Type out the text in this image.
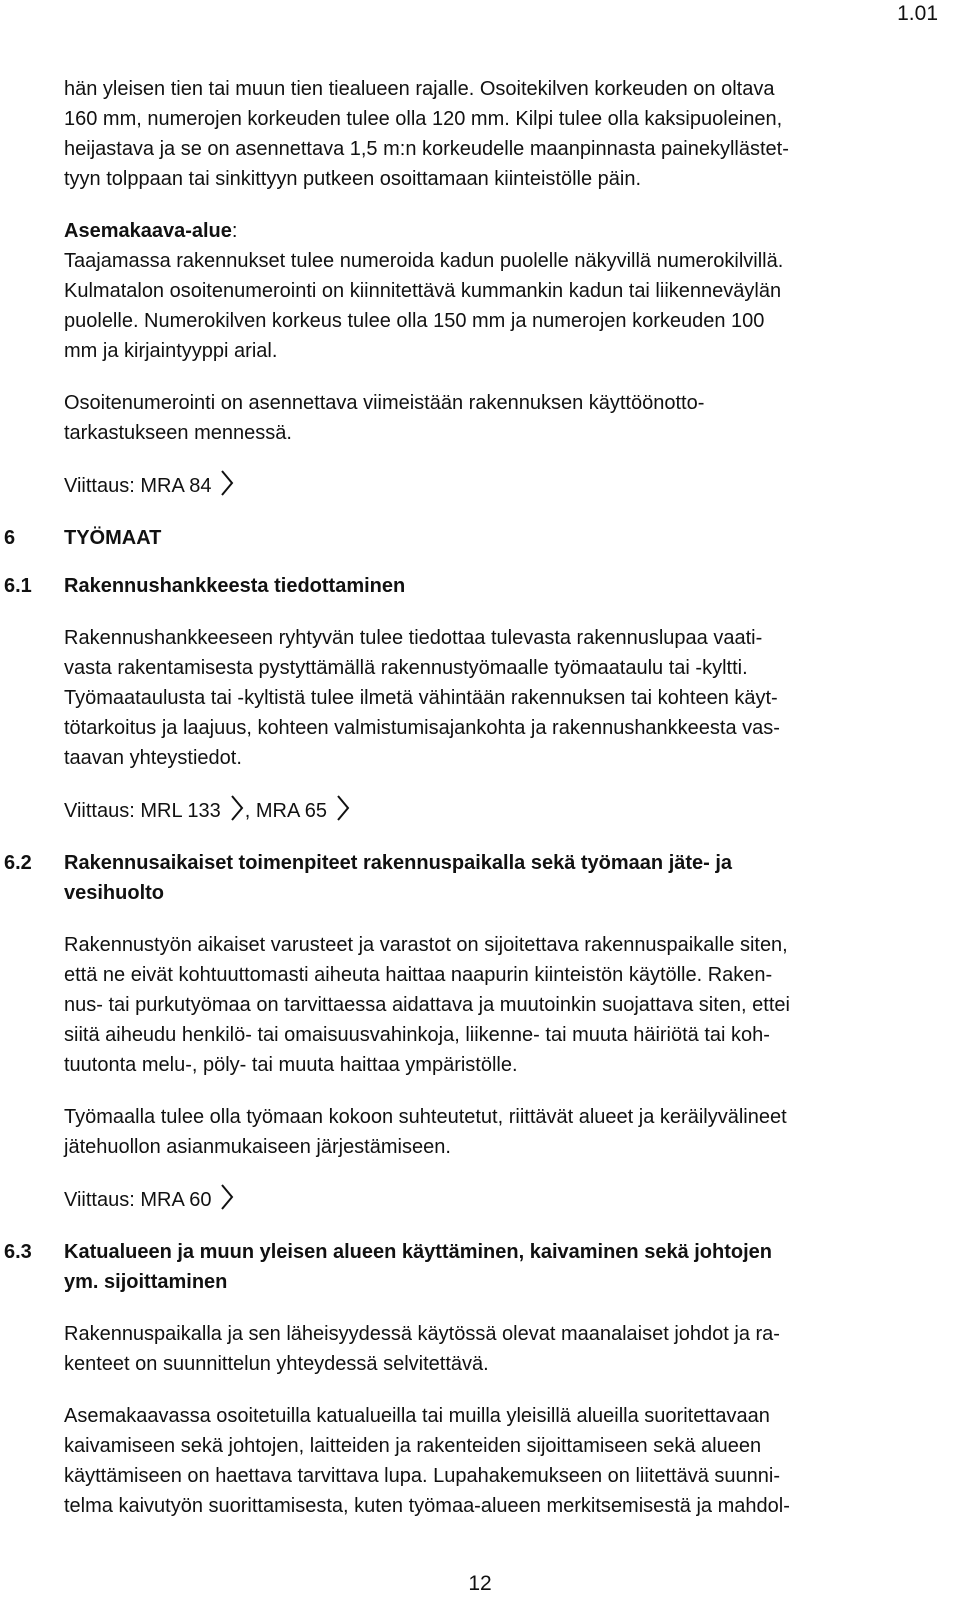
1.01

hän yleisen tien tai muun tien tiealueen rajalle. Osoitekilven korkeuden on oltava

160 mm, numerojen korkeuden tulee olla 120 mm. Kilpi tulee olla kaksipuoleinen,

heijastava ja se on asennettava 1,5 m:n korkeudelle maanpinnasta painekyllästet-

tyyn tolppaan tai sinkittyyn putkeen osoittamaan kiinteistölle päin.

Asemakaava-alue:

Taajamassa rakennukset tulee numeroida kadun puolelle näkyvillä numerokilvillä.

Kulmatalon osoitenumerointi on kiinnitettävä kummankin kadun tai liikenneväylän

puolelle. Numerokilven korkeus tulee olla 150 mm ja numerojen korkeuden 100

mm ja kirjaintyyppi arial.

Osoitenumerointi on asennettava viimeistään rakennuksen käyttöönotto-

tarkastukseen mennessä.

Viittaus: MRA 84

6 TYÖMAAT
6.1 Rakennushankkeesta tiedottaminen

Rakennushankkeeseen ryhtyvän tulee tiedottaa tulevasta rakennuslupaa vaati-

vasta rakentamisesta pystyttämällä rakennustyömaalle työmaataulu tai -kyltti.

Työmaataulusta tai -kyltistä tulee ilmetä vähintään rakennuksen tai kohteen käyt-

tötarkoitus ja laajuus, kohteen valmistumisajankohta ja rakennushankkeesta vas-

taavan yhteystiedot.

Viittaus: MRL 133 , MRA 65

6.2 Rakennusaikaiset toimenpiteet rakennuspaikalla sekä työmaan jäte- ja
vesihuolto

Rakennustyön aikaiset varusteet ja varastot on sijoitettava rakennuspaikalle siten,

että ne eivät kohtuuttomasti aiheuta haittaa naapurin kiinteistön käytölle. Raken-

nus- tai purkutyömaa on tarvittaessa aidattava ja muutoinkin suojattava siten, ettei

siitä aiheudu henkilö- tai omaisuusvahinkoja, liikenne- tai muuta häiriötä tai koh-

tuutonta melu-, pöly- tai muuta haittaa ympäristölle.

Työmaalla tulee olla työmaan kokoon suhteutetut, riittävät alueet ja keräilyvälineet

jätehuollon asianmukaiseen järjestämiseen.

Viittaus: MRA 60

6.3 Katualueen ja muun yleisen alueen käyttäminen, kaivaminen sekä johtojen
ym. sijoittaminen

Rakennuspaikalla ja sen läheisyydessä käytössä olevat maanalaiset johdot ja ra-

kenteet on suunnittelun yhteydessä selvitettävä.

Asemakaavassa osoitetuilla katualueilla tai muilla yleisillä alueilla suoritettavaan

kaivamiseen sekä johtojen, laitteiden ja rakenteiden sijoittamiseen sekä alueen

käyttämiseen on haettava tarvittava lupa. Lupahakemukseen on liitettävä suunni-

telma kaivutyön suorittamisesta, kuten työmaa-alueen merkitsemisestä ja mahdol-

12
